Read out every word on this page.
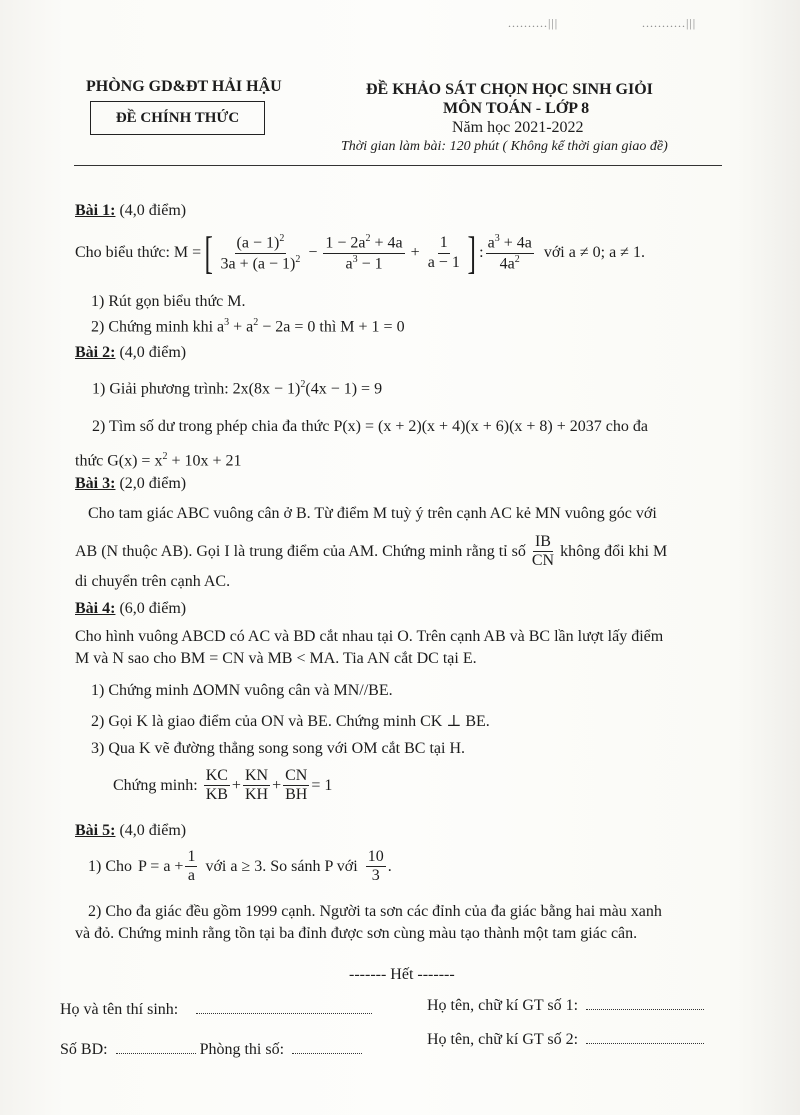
..........|||	...........|||
PHÒNG GD&ĐT HẢI HẬU
ĐỀ CHÍNH THỨC
ĐỀ KHẢO SÁT CHỌN HỌC SINH GIỎI
MÔN TOÁN - LỚP 8
Năm học 2021-2022
Thời gian làm bài: 120 phút ( Không kể thời gian giao đề)
Bài 1: (4,0 điểm)
Cho biểu thức: M = [ $\frac{(a - 1)^2}{3a + (a - 1)^2} - \frac{1 - 2a^2 + 4a}{a^3 - 1} + \frac{1}{a - 1}$ ] : $\frac{a^3 + 4a}{4a^2}$ với a ≠ 0; a ≠ 1.
1) Rút gọn biểu thức M.
2) Chứng minh khi $a^3 + a^2 - 2a = 0$ thì M + 1 = 0
Bài 2: (4,0 điểm)
1) Giải phương trình: $2x(8x - 1)^2(4x - 1) = 9$
2) Tìm số dư trong phép chia đa thức P(x) = (x + 2)(x + 4)(x + 6)(x + 8) + 2037 cho đa
thức $G(x) = x^2 + 10x + 21$
Bài 3: (2,0 điểm)
Cho tam giác ABC vuông cân ở B. Từ điểm M tuỳ ý trên cạnh AC kẻ MN vuông góc với
AB (N thuộc AB). Gọi I là trung điểm của AM. Chứng minh rằng tỉ số $\frac{IB}{CN}$ không đổi khi M
di chuyển trên cạnh AC.
Bài 4: (6,0 điểm)
Cho hình vuông ABCD có AC và BD cắt nhau tại O. Trên cạnh AB và BC lần lượt lấy điểm
M và N sao cho BM = CN và MB < MA. Tia AN cắt DC tại E.
1) Chứng minh ΔOMN vuông cân và MN//BE.
2) Gọi K là giao điểm của ON và BE. Chứng minh CK ⊥ BE.
3) Qua K vẽ đường thẳng song song với OM cắt BC tại H.
Chứng minh: $\frac{KC}{KB} + \frac{KN}{KH} + \frac{CN}{BH} = 1$
Bài 5: (4,0 điểm)
1) Cho $P = a + \frac{1}{a}$ với a ≥ 3. So sánh P với $\frac{10}{3}$ .
2) Cho đa giác đều gồm 1999 cạnh. Người ta sơn các đỉnh của đa giác bằng hai màu xanh
và đỏ. Chứng minh rằng tồn tại ba đỉnh được sơn cùng màu tạo thành một tam giác cân.
------- Hết -------
Họ và tên thí sinh:	Họ tên, chữ kí GT số 1:
Số BD:	Phòng thi số:
Họ tên, chữ kí GT số 2:
